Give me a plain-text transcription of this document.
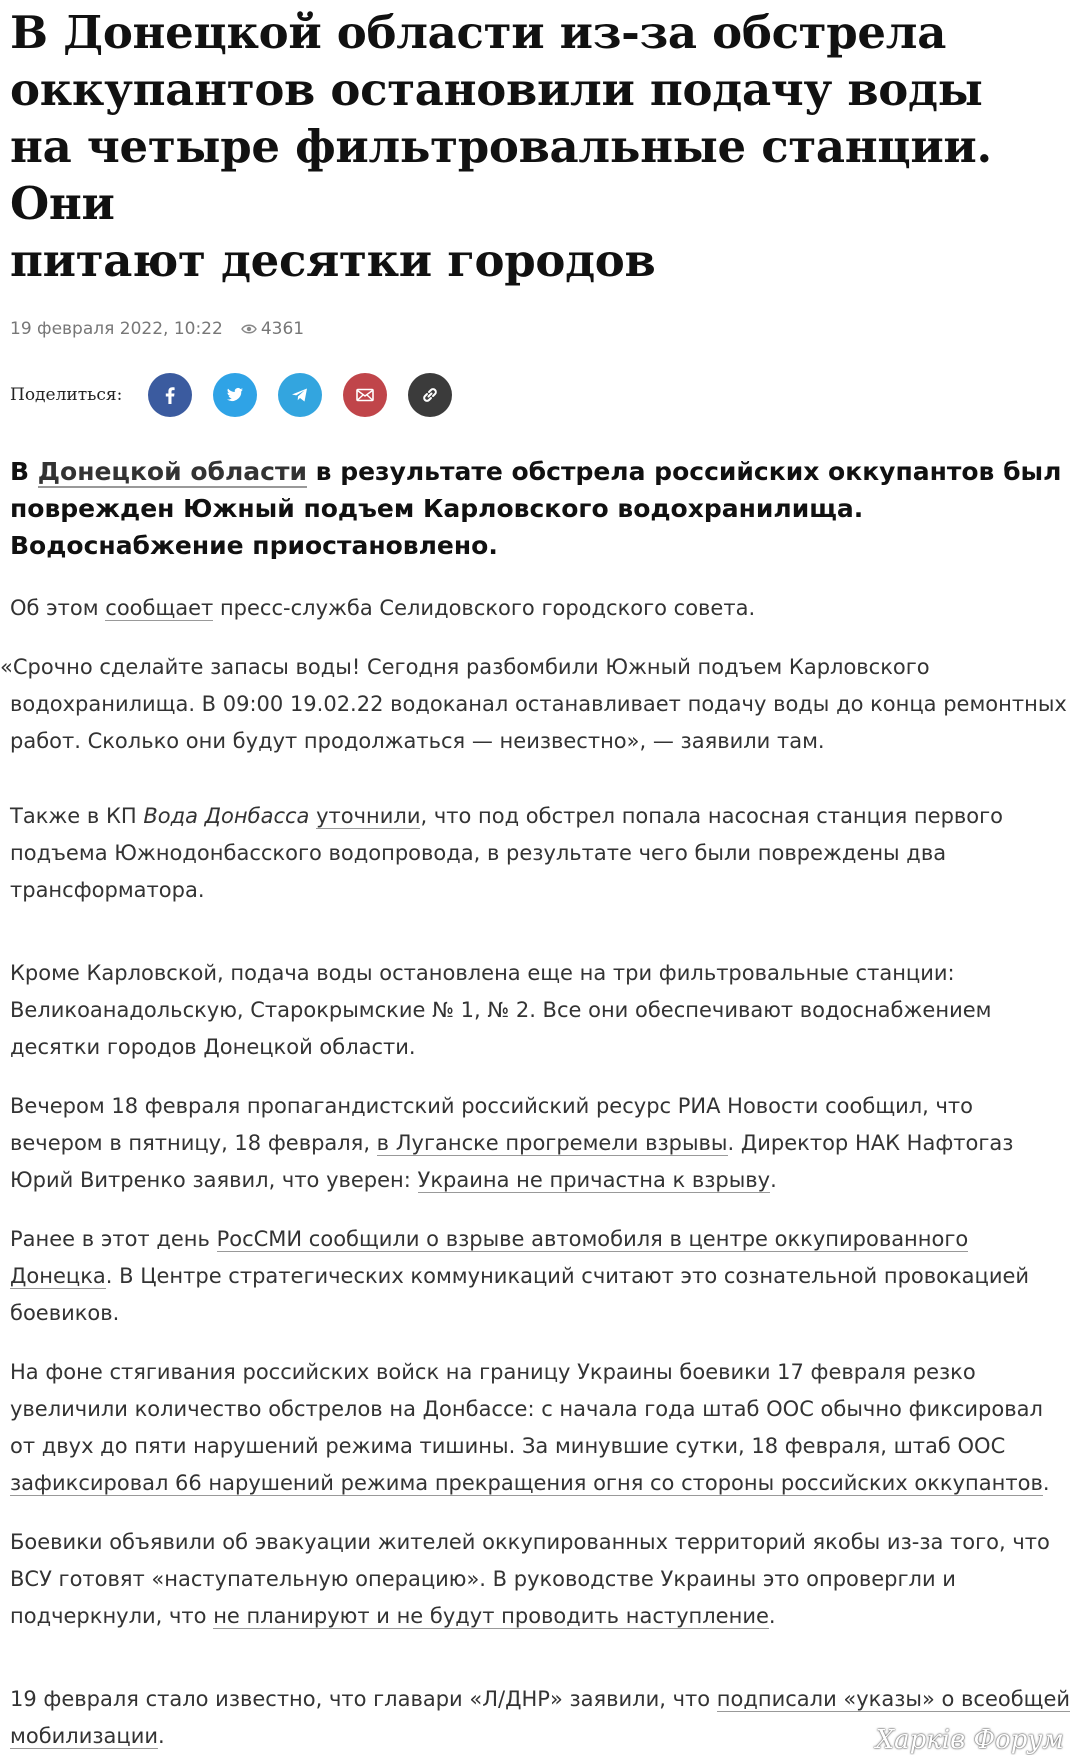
В Донецкой области из-за обстрела
оккупантов остановили подачу воды
на четыре фильтровальные станции. Они
питают десятки городов
19 февраля 2022, 10:22 4361
Поделиться:
В Донецкой области в результате обстрела российских оккупантов был поврежден Южный подъем Карловского водохранилища. Водоснабжение приостановлено.

Об этом сообщает пресс-служба Селидовского городского совета.

«Срочно сделайте запасы воды! Сегодня разбомбили Южный подъем Карловского

водохранилища. В 09:00 19.02.22 водоканал останавливает подачу воды до конца ремонтных работ. Сколько они будут продолжаться — неизвестно», — заявили там.

Также в КП Вода Донбасса уточнили, что под обстрел попала насосная станция первого подъема Южнодонбасского водопровода, в результате чего были повреждены два трансформатора.

Кроме Карловской, подача воды остановлена еще на три фильтровальные станции: Великоанадольскую, Старокрымские № 1, № 2. Все они обеспечивают водоснабжением десятки городов Донецкой области.

Вечером 18 февраля пропагандистский российский ресурс РИА Новости сообщил, что вечером в пятницу, 18 февраля, в Луганске прогремели взрывы. Директор НАК Нафтогаз Юрий Витренко заявил, что уверен: Украина не причастна к взрыву.

Ранее в этот день РосСМИ сообщили о взрыве автомобиля в центре оккупированного Донецка. В Центре стратегических коммуникаций считают это сознательной провокацией боевиков.

На фоне стягивания российских войск на границу Украины боевики 17 февраля резко увеличили количество обстрелов на Донбассе: с начала года штаб ООС обычно фиксировал от двух до пяти нарушений режима тишины. За минувшие сутки, 18 февраля, штаб ООС зафиксировал 66 нарушений режима прекращения огня со стороны российских оккупантов.

Боевики объявили об эвакуации жителей оккупированных территорий якобы из-за того, что ВСУ готовят «наступательную операцию». В руководстве Украины это опровергли и подчеркнули, что не планируют и не будут проводить наступление.

19 февраля стало известно, что главари «Л/ДНР» заявили, что подписали «указы» о всеобщей мобилизации.	Харків Форум
